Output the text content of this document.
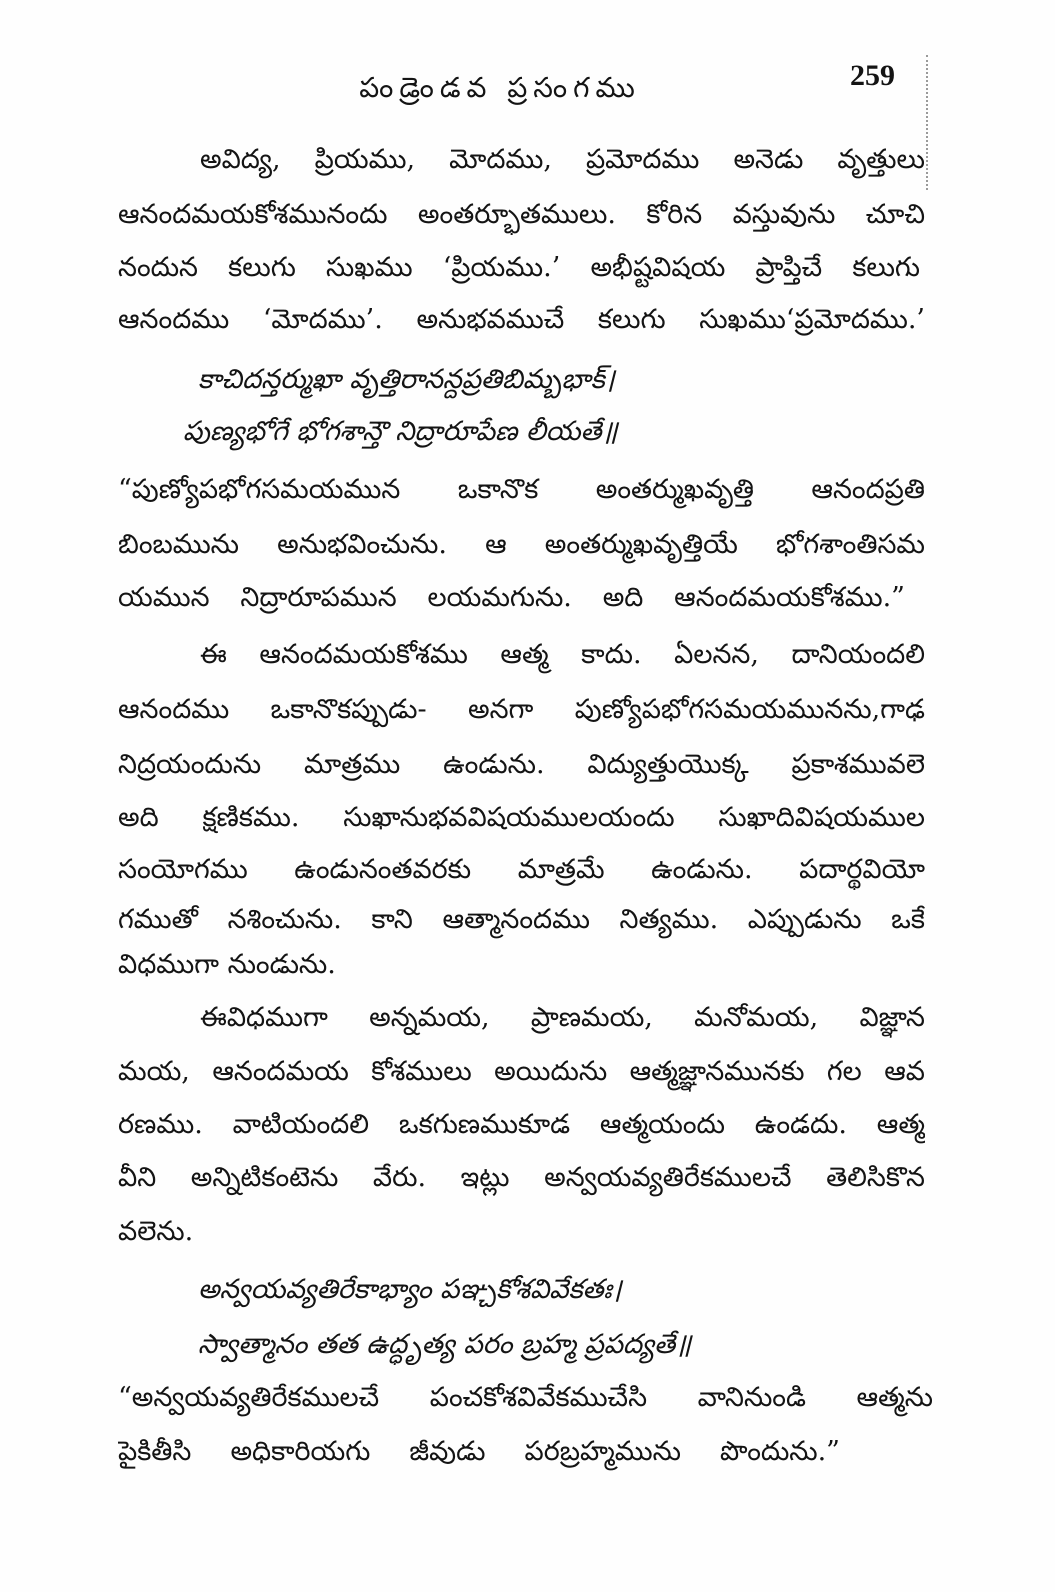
పండ్రెండవ ప్రసంగము	259
అవిద్య, ప్రియము, మోదము, ప్రమోదము అనెడు వృత్తులు
ఆనందమయకోశమునందు అంతర్భూతములు. కోరిన వస్తువును చూచి
నందున కలుగు సుఖము ‘ప్రియము.’ అభీష్టవిషయ ప్రాప్తిచే కలుగు
ఆనందము ‘మోదము’. అనుభవముచే కలుగు సుఖము‘ప్రమోదము.’
కాచిదన్తర్ముఖా వృత్తిరానన్దప్రతిబిమ్బభాక్।
పుణ్యభోగే భోగశాన్తౌ నిద్రారూపేణ లీయతే॥
“పుణ్యోపభోగసమయమున ఒకానొక అంతర్ముఖవృత్తి ఆనందప్రతి
బింబమును అనుభవించును. ఆ అంతర్ముఖవృత్తియే భోగశాంతిసమ
యమున నిద్రారూపమున లయమగును. అది ఆనందమయకోశము.”
ఈ ఆనందమయకోశము ఆత్మ కాదు. ఏలనన, దానియందలి
ఆనందము ఒకానొకప్పుడు- అనగా పుణ్యోపభోగసమయమునను,గాఢ
నిద్రయందును మాత్రము ఉండును. విద్యుత్తుయొక్క ప్రకాశమువలె
అది క్షణికము. సుఖానుభవవిషయములయందు సుఖాదివిషయముల
సంయోగము ఉండునంతవరకు మాత్రమే ఉండును. పదార్థవియో
గముతో నశించును. కాని ఆత్మానందము నిత్యము. ఎప్పుడును ఒకే
విధముగా నుండును.
ఈవిధముగా అన్నమయ, ప్రాణమయ, మనోమయ, విజ్ఞాన
మయ, ఆనందమయ కోశములు అయిదును ఆత్మజ్ఞానమునకు గల ఆవ
రణము. వాటియందలి ఒకగుణముకూడ ఆత్మయందు ఉండదు. ఆత్మ
వీని అన్నిటికంటెను వేరు. ఇట్లు అన్వయవ్యతిరేకములచే తెలిసికొన
వలెను.
అన్వయవ్యతిరేకాభ్యాం పఞ్చకోశవివేకతః।
స్వాత్మానం తత ఉద్ధృత్య పరం బ్రహ్మ ప్రపద్యతే॥
“అన్వయవ్యతిరేకములచే పంచకోశవివేకముచేసి వానినుండి ఆత్మను
పైకితీసి అధికారియగు జీవుడు పరబ్రహ్మమును పొందును.”
